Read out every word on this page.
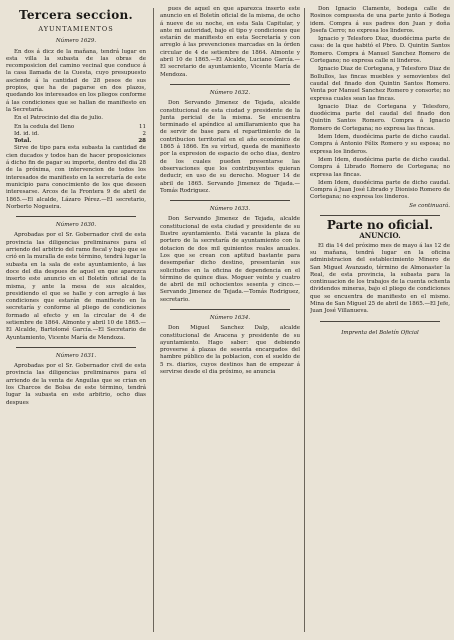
Tercera seccion.
AYUNTAMIENTOS
Número 1629.

En dos á dicz de la mañana, tendrá lugar en esta villa la subasta de las obras de recomposicion del camino vecinal que conduce á la casa llamada de la Cuesta, cuyo presupuesto asciende á la cantidad de 28 pesos de sus propios, que ha de pagarse en dos plazos, quedando los interesados en los pliegos conforme á las condiciones que se hallan de manifiesto en la Secretaría.

En el Patrocinio del dia de julio.

En la cedula del lleno	11
Id. id. id.	2
Total.	28

Sirve de tipo para esta subasta la cantidad de cien ducados y todos han de hacer proposiciones á dicho fin de pagar su importe, dentro del dia 28 de la próxima, con intervencion de todos los interesados de manifiesto en la secretaría de este municipio para conocimiento de los que deseen interesarse. Arcos de la Frontera 9 de abril de 1865.—El alcalde, Lázaro Pérez.—El secretario, Norberto Nogueira.

Número 1630.

Aprobadas por el Sr. Gobernador civil de esta provincia las diligencias preliminares para el arriendo del arbitrio del ramo fiscal y bajo que se crió en la muralla de este término, tendrá lugar la subasta en la sala de este ayuntamiento, á las doce del dia despues de aquel en que aparezca inserto este anuncio en el Boletín oficial de la misma, y ante la mesa de sus alcaldes, presidiendo el que se halle y con arreglo á las condiciones que estarán de manifiesto en la secretaría y conforme al pliego de condiciones formado al efecto y en la circular de 4 de setiembre de 1864. Almonte y abril 10 de 1865.—El Alcalde, Bartolomé García.—El Secretario de Ayuntamiento, Vicente María de Mendoza.

Número 1631.

Aprobadas por el Sr. Gobernador civil de esta provincia las diligencias preliminares para el arriendo de la venta de Anguilas que se crian en los Charcos de Bolsa de este término, tendrá lugar la subasta en este arbitrio, ocho dias despues

pues de aquel en que aparezca inserto este anuncio en el Boletín oficial de la misma, de ocho á nueve de su noche, en esta Sala Capitular, y ante mi autoridad, bajo el tipo y condiciones que estarán de manifiesto en esta Secretaría y con arreglo á las prevenciones marcadas en la órden circular de 4 de setiembre de 1864. Almonte y abril 10 de 1865.—El Alcalde, Luciano García.—El secretario de ayuntamiento, Vicente María de Mendoza.

Número 1632.

Don Servando Jimenez de Tejada, alcalde constitucional de esta ciudad y presidente de la Junta pericial de la misma. Se encuentra terminado el apéndice al amillaramiento que ha de servir de base para el repartimiento de la contribucion territorial en el año económico de 1865 á 1866. En su virtud, queda de manifiesto por la expresion de espacio de ocho dias, dentro de los cuales pueden presentarse las observaciones que los contribuyentes quieran deducir, en uso de su derecho. Moguer 14 de abril de 1865. Servando Jimenez de Tejada.—Tomás Rodriguez.

Número 1633.

Don Servando Jimenez de Tejada, alcalde constitucional de esta ciudad y presidente de su Ilustre ayuntamiento. Está vacante la plaza de portero de la secretaría de ayuntamiento con la dotacion de dos mil quinientos reales anuales. Los que se crean con aptitud bastante para desempeñar dicho destino, presentarán sus solicitudes en la oficina de dependencia en el término de quince dias. Moguer veinte y cuatro de abril de mil ochocientos sesenta y cinco.—Servando Jimenez de Tejada.—Tomás Rodriguez, secretario.

Número 1634.

Don Miguel Sanchez Dalp, alcalde constitucional de Aracena y presidente de su ayuntamiento. Hago saber: que debiendo proveerse á plazas de sesenta encargados del hambre público de la poblacion, con el sueldo de 5 rs. diarios, cuyos destinos han de empezar á servirse desde el dia próximo, se anuncia

Don Ignacio Clamente, bodega calle de Rosinos compuesta de una parte junto á Bodega idem. Compra á sus padres don Juan y doña Josefa Cerro; no expresa los linderos.

Ignacio y Telesforo Diaz, duodécima parte de casa: de la que habitó el Pbro. D. Quintin Santos Romero. Compra á Manuel Sanchez Romero de Cortegano; no expresa calle ni linderos.

Ignacio Diaz de Cortegana, y Telesforo Diaz de Bollullos, las fincas muebles y semovientes del caudal del finado don Quintin Santos Romero. Venta por Manuel Sanchez Romero y consorte; no expresa cuales sean las fincas.

Ignacio Diaz de Cortegana y Telesforo, duodécima parte del caudal del finado don Quintin Santos Romero. Compra á Ignacio Romero de Cortegana; no expresa las fincas.

Idem Idem, duodécima parte de dicho caudal. Compra á Antonio Félix Romero y su esposa; no expresa los linderos.

Idem Idem, duodécima parte de dicho caudal. Compra á Librado Romero de Cortegana; no expresa las fincas.

Idem Idem, duodécima parte de dicho caudal. Compra á Juan José Librado y Dionisio Romero de Cortegana; no expresa los linderos.

Se continuará.
Parte no oficial.
ANUNCIO.

El dia 14 del próximo mes de mayo á las 12 de su mañana, tendrá lugar en la oficina administracion del establecimiento Minero de San Miguel Avanzado, término de Almonaster la Real, de esta provincia, la subasta para la continuacion de los trabajos de la cuenta ochenta dividendos mineras, bajo el pliego de condiciones que se encuentra de manifiesto en el mismo. Mina de San Miguel 25 de abril de 1865.—El Jefe, Juan José Villanueva.

Imprenta del Boletín Oficial
